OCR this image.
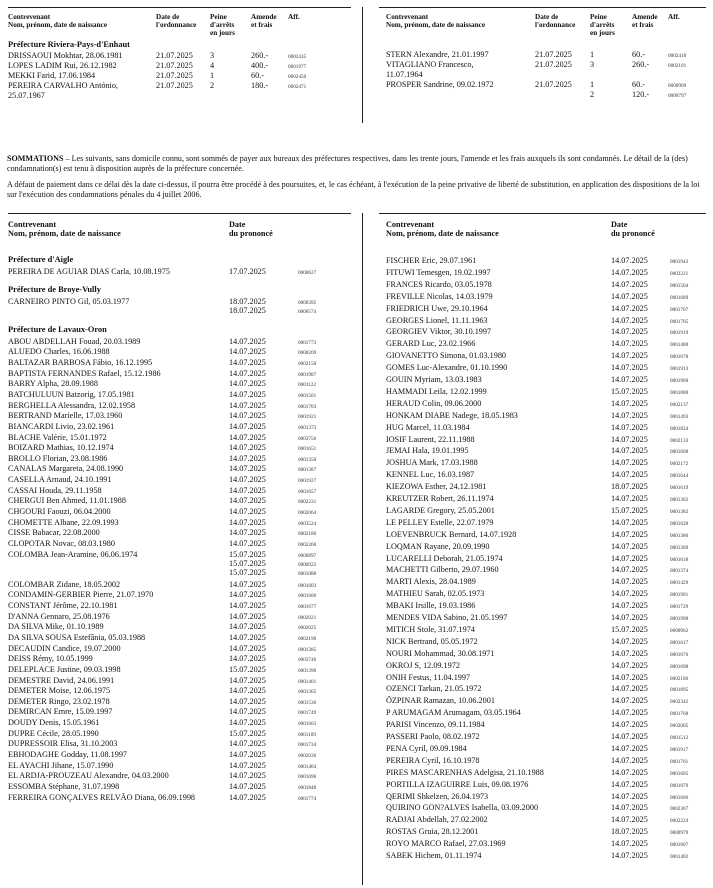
Contrevenant
Nom, prénom, date de naissance
Date de
l'ordonnance
Peine
d'arrêts
en jours
Amende
et frais
Aff.
Préfecture Riviera-Pays-d'Enhaut
DRISSAOUI Mokhtar, 28.06.1981	21.07.2025 3	260.-	0002435
LOPES LADIM Rui, 26.12.1982	21.07.2025 4	400.-	0001977
MEKKI Farid, 17.06.1984	21.07.2025 1	60.-	0002450
PEREIRA CARVALHO António,	21.07.2025 2	180.-	0002471
25.07.1967
Contrevenant
Nom, prénom, date de naissance
Date de
l'ordonnance
Peine
d'arrêts
en jours
Amende
et frais
Aff.
STERN Alexandre, 21.01.1997	21.07.2025 1	60.-	0002418
VITAGLIANO Francesco,	21.07.2025 3	260.-	0002101
11.07.1964
PROSPER Sandrine, 09.02.1972	21.07.2025 1	60.-	0000909
2	120.-	0000797
SOMMATIONS – Les suivants, sans domicile connu, sont sommés de payer aux bureaux des préfectures respectives, dans les trente jours, l'amende et les frais auxquels ils sont condamnés. Le détail de la (des) condamnation(s) est tenu à disposition auprès de la préfecture concernée.
A défaut de paiement dans ce délai dès la date ci-dessus, il pourra être procédé à des poursuites, et, le cas échéant, à l'exécution de la peine privative de liberté de substitution, en application des dispositions de la loi sur l'exécution des condamnations pénales du 4 juillet 2006.
Contrevenant
Nom, prénom, date de naissance
Date
du prononcé
Préfecture d'Aigle
PEREIRA DE AGUIAR DIAS Carla, 10.08.1975	17.07.2025	0000627
Préfecture de Broye-Vully
CARNEIRO PINTO Gil, 05.03.1977	18.07.2025	0000395
18.07.2025	0000574
Préfecture de Lavaux-Oron
ABOU ABDELLAH Fouad, 20.03.1989	14.07.2025	0001773
ALUEDO Charles, 16.06.1988	14.07.2025	0000269
BALTAZAR BARBOSA Fábio, 16.12.1995	14.07.2025	0002150
BAPTISTA FERNANDES Rafael, 15.12.1986	14.07.2025	0001987
BARRY Alpha, 28.09.1988	14.07.2025	0001122
BATCHULUUN Batzorig, 17.05.1981	14.07.2025	0001501
BERGHELLA Alessandra, 12.02.1958	14.07.2025	0001703
BERTRAND Marielle, 17.03.1960	14.07.2025	0001921
BIANCARDI Livio, 23.02.1961	14.07.2025	0001373
BLACHE Valérie, 15.01.1972	14.07.2025	0003756
BOIZARD Mathias, 10.12.1974	14.07.2025	0001651
BROLLO Florian, 23.08.1986	14.07.2025	0001350
CANALAS Margareta, 24.08.1990	14.07.2025	0001387
CASELLA Arnaud, 24.10.1991	14.07.2025	0001927
CASSAI Houda, 29.11.1958	14.07.2025	0001657
CHERGUI Ben Ahmed, 11.01.1988	14.07.2025	0002231
CHGOURI Faouzi, 06.04.2000	14.07.2025	0002064
CHOMETTE Albane, 22.09.1993	14.07.2025	0003524
CISSE Babacar, 22.08.2000	14.07.2025	0002180
CLOPOTAR Novac, 08.03.1980	14.07.2025	0002260
COLOMBA Jean-Aramine, 06.06.1974	15.07.2025	0000897
15.07.2025	0000922
15.07.2025	0001088
COLOMBAR Zidane, 18.05.2002	14.07.2025	0001603
CONDAMIN-GERBIER Pierre, 21.07.1970	14.07.2025	0001606
CONSTANT Jérôme, 22.10.1981	14.07.2025	0001677
D'ANNA Gennaro, 25.08.1976	14.07.2025	0002021
DA SILVA Mike, 01.10.1989	14.07.2025	0002025
DA SILVA SOUSA Estefânia, 05.03.1988	14.07.2025	0002190
DECAUDIN Candice, 19.07.2000	14.07.2025	0001385
DEISS Rémy, 10.05.1999	14.07.2025	0003746
DELEPLACE Justine, 09.03.1998	15.07.2025	0001390
DEMESTRE David, 24.06.1991	14.07.2025	0001401
DEMETER Moise, 12.06.1975	14.07.2025	0001365
DEMETER Ringo, 23.02.1978	14.07.2025	0001536
DEMIRCAN Emre, 15.09.1997	14.07.2025	0001749
DOUDY Denis, 15.05.1961	14.07.2025	0001663
DUPRE Cécile, 28.05.1990	15.07.2025	0001109
DUPRESSOIR Elisa, 31.10.2003	14.07.2025	0001734
EBHODAGHE Godday, 11.08.1997	14.07.2025	0002036
EL AYACHI Jihane, 15.07.1990	14.07.2025	0001404
EL ARDJA-PROUZEAU Alexandre, 04.03.2000	14.07.2025	0001696
ESSOMBA Stéphane, 31.07.1998	14.07.2025	0001848
FERREIRA GONÇALVES RELVÃO Diana, 06.09.1998	14.07.2025	0001774
Contrevenant
Nom, prénom, date de naissance
Date
du prononcé
FISCHER Eric, 29.07.1961	14.07.2025	0001943
FITUWI Temesgen, 19.02.1997	14.07.2025	0002221
FRANCES Ricardo, 03.05.1978	14.07.2025	0001504
FREVILLE Nicolas, 14.03.1979	14.07.2025	0001689
FRIEDRICH Uwe, 29.10.1964	14.07.2025	0001707
GEORGES Lionel, 11.11.1963	14.07.2025	0001705
GEORGIEV Viktor, 30.10.1997	14.07.2025	0001919
GERARD Luc, 23.02.1966	14.07.2025	0001400
GIOVANETTO Simona, 01.03.1980	14.07.2025	0001678
GOMES Luc-Alexandre, 01.10.1990	14.07.2025	0001913
GOUIN Myriam, 13.03.1983	14.07.2025	0001960
HAMMADI Leila, 12.02.1999	15.07.2025	0001080
HERAUD Colin, 09.06.2000	14.07.2025	0002137
HONKAM DIABE Nadege, 18.05.1983	14.07.2025	0001493
HUG Marcel, 11.03.1984	14.07.2025	0001824
IOSIF Laurent, 22.11.1988	14.07.2025	0002133
JEMAI Hala, 19.01.1995	14.07.2025	0001608
JOSHUA Mark, 17.03.1988	14.07.2025	0002172
KENNEL Luc, 16.03.1987	14.07.2025	0001644
KIEZOWA Esther, 24.12.1981	18.07.2025	0001619
KREUTZER Robert, 26.11.1974	14.07.2025	0001362
LAGARDE Gregory, 25.05.2001	15.07.2025	0001382
LE PELLEY Estelle, 22.07.1979	14.07.2025	0001620
LOEVENBRUCK Bernard, 14.07.1928	14.07.2025	0001386
LOQMAN Rayane, 20.09.1990	14.07.2025	0001369
LUCARELLI Deborah, 21.05.1974	14.07.2025	0001618
MACHETTI Gilberto, 29.07.1960	14.07.2025	0001374
MARTI Alexis, 28.04.1989	14.07.2025	0001429
MATHIEU Sarah, 02.05.1973	14.07.2025	0001901
MBAKI Irsille, 19.03.1986	14.07.2025	0001729
MENDES VIDA Sabino, 21.05.1997	14.07.2025	0001998
MITICH Stole, 31.07.1974	15.07.2025	0000962
NICK Bertrand, 05.05.1972	14.07.2025	0001617
NOURI Mohammad, 30.08.1971	14.07.2025	0001676
OKROJ S, 12.09.1972	14.07.2025	0001698
ONIH Festus, 11.04.1997	14.07.2025	0002186
OZENCI Tarkan, 21.05.1972	14.07.2025	0001895
ÖZPINAR Ramazan, 10.06.2001	14.07.2025	0002342
P ARUMAGAM Arumagam, 03.05.1964	14.07.2025	0001768
PARISI Vincenzo, 09.11.1984	14.07.2025	0002005
PASSERI Paolo, 08.02.1972	14.07.2025	0001512
PENA Cyril, 09.09.1984	14.07.2025	0001917
PEREIRA Cyril, 16.10.1978	14.07.2025	0001761
PIRES MASCARENHAS Adelgisa, 21.10.1988	14.07.2025	0001605
PORTILLA IZAGUIRRE Luis, 09.08.1976	14.07.2025	0001879
QERIMI Shkelzen, 26.04.1973	14.07.2025	0001666
QUIRINO GON?ALVES Isabella, 03.09.2000	14.07.2025	0002367
RADJAI Abdellah, 27.02.2002	14.07.2025	0002224
ROSTAS Gruia, 28.12.2001	18.07.2025	0000979
ROYO MARCO Rafael, 27.03.1969	14.07.2025	0001607
SABEK Hichem, 01.11.1974	14.07.2025	0001402
